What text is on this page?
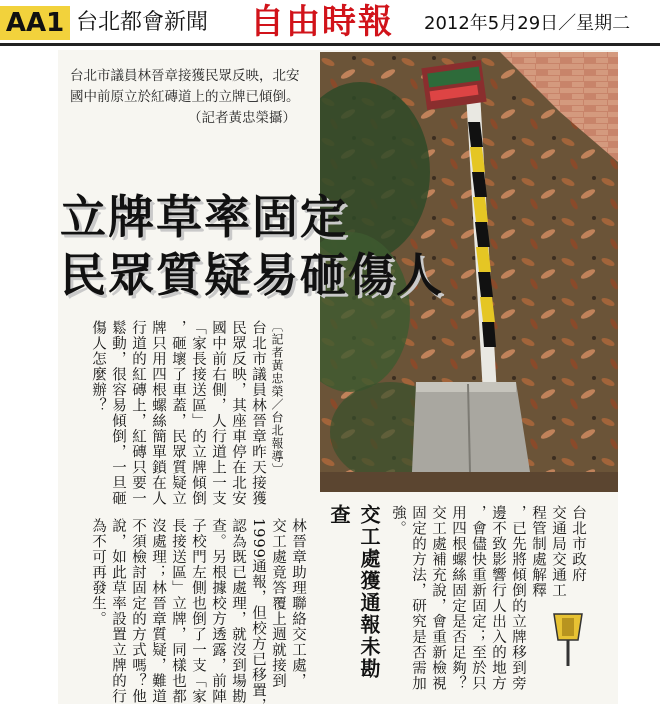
AA1 台北都會新聞 自由時報 2012年5月29日／星期二
台北市議員林晉章接獲民眾反映，北安國中前原立於紅磚道上的立牌已傾倒。
（記者黃忠榮攝）
立牌草率固定
民眾質疑易砸傷人
〔記者黃忠榮／台北報導〕
台北市議員林晉章昨天接獲
民眾反映，其座車停在北安
國中前右側，人行道上一支
「家長接送區」的立牌傾倒
，砸壞了車蓋，民眾質疑立
牌只用四根螺絲簡單鎖在人
行道的紅磚上，紅磚只要一
鬆動，很容易傾倒，一旦砸
傷人怎麼辦？
林晉章助理聯絡交工處，
交工處竟答覆上週就接到
1999通報，但校方已移置，
認為既已處理，就沒到場勘
查。另根據校方透露，前陣
子校門左側也倒了一支「家
長接送區」立牌，同樣也都
沒處理；林晉章質疑，難道
不須檢討固定的方式嗎？他
說，如此草率設置立牌的行
為不可再發生。	交工處獲通報未勘查	台北市政府
交通局交通工
程管制處解釋
，已先將傾倒的立牌移到旁
邊不致影響行人出入的地方
，會儘快重新固定；至於只
用四根螺絲固定是否足夠？
交工處補充說，會重新檢視
固定的方法，研究是否需加
強。
